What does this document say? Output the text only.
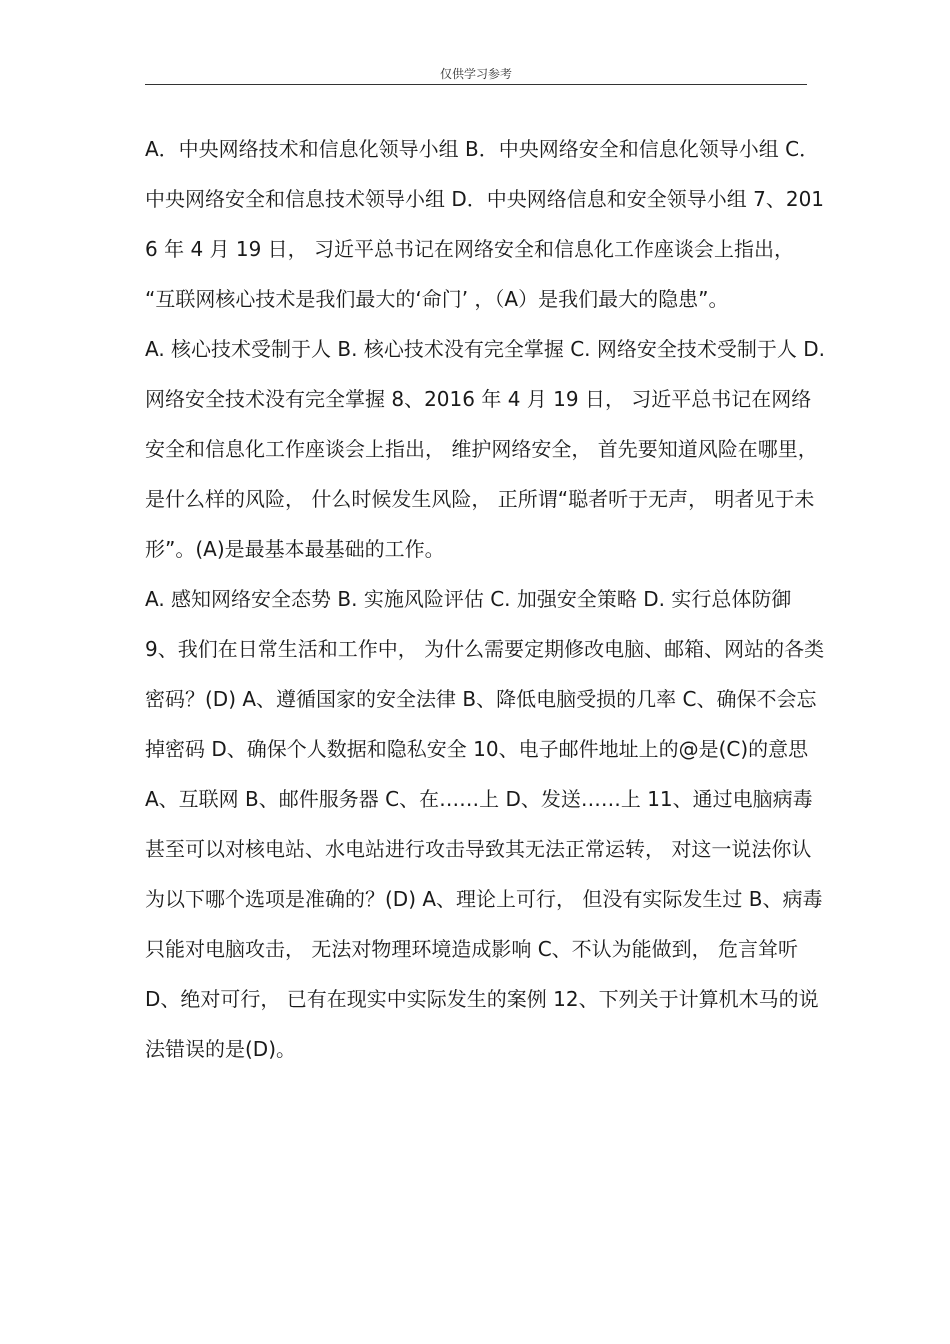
仅供学习参考

A．中央网络技术和信息化领导小组 B．中央网络安全和信息化领导小组 C．中央网络安全和信息技术领导小组 D．中央网络信息和安全领导小组 7、2016 年 4 月 19 日， 习近平总书记在网络安全和信息化工作座谈会上指出， “互联网核心技术是我们最大的‘命门’ ，（A）是我们最大的隐患”。

A. 核心技术受制于人 B. 核心技术没有完全掌握 C. 网络安全技术受制于人 D. 网络安全技术没有完全掌握 8、2016 年 4 月 19 日， 习近平总书记在网络安全和信息化工作座谈会上指出， 维护网络安全， 首先要知道风险在哪里， 是什么样的风险， 什么时候发生风险， 正所谓“聪者听于无声， 明者见于未形”。(A)是最基本最基础的工作。

A. 感知网络安全态势 B. 实施风险评估 C. 加强安全策略 D. 实行总体防御 9、我们在日常生活和工作中， 为什么需要定期修改电脑、邮箱、网站的各类密码？(D) A、遵循国家的安全法律 B、降低电脑受损的几率 C、确保不会忘掉密码 D、确保个人数据和隐私安全 10、电子邮件地址上的@是(C)的意思 A、互联网 B、邮件服务器 C、在……上 D、发送……上 11、通过电脑病毒甚至可以对核电站、水电站进行攻击导致其无法正常运转， 对这一说法你认为以下哪个选项是准确的？(D) A、理论上可行， 但没有实际发生过 B、病毒只能对电脑攻击， 无法对物理环境造成影响 C、不认为能做到， 危言耸听 D、绝对可行， 已有在现实中实际发生的案例 12、下列关于计算机木马的说法错误的是(D)。
